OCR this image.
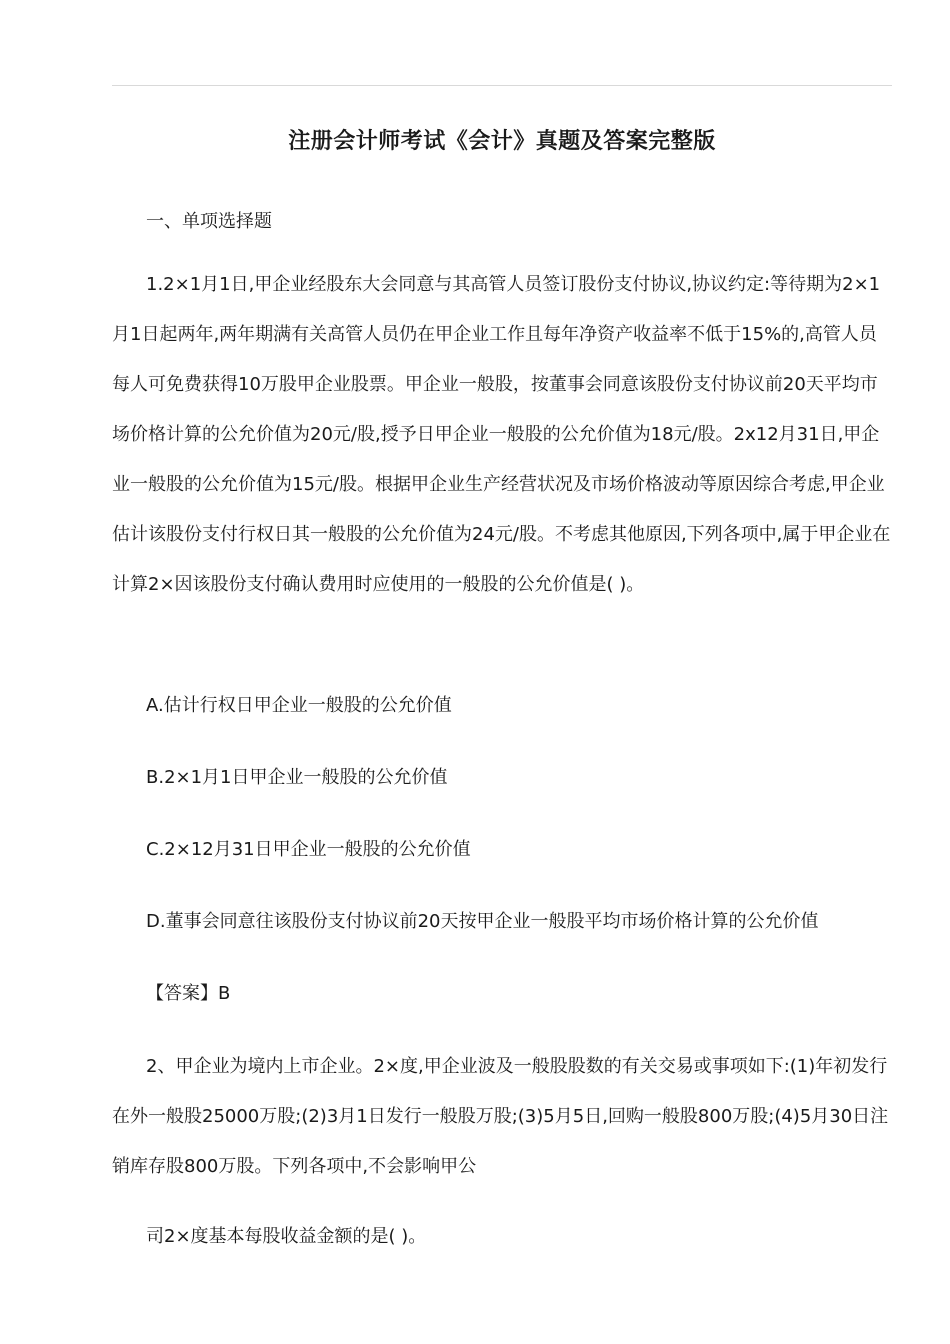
注册会计师考试《会计》真题及答案完整版

一、单项选择题

1.2×1月1日,甲企业经股东大会同意与其高管人员签订股份支付协议,协议约定:等待期为2×1月1日起两年,两年期满有关高管人员仍在甲企业工作且每年净资产收益率不低于15%的,高管人员每人可免费获得10万股甲企业股票。甲企业一般股，按董事会同意该股份支付协议前20天平均市场价格计算的公允价值为20元/股,授予日甲企业一般股的公允价值为18元/股。2x12月31日,甲企业一般股的公允价值为15元/股。根据甲企业生产经营状况及市场价格波动等原因综合考虑,甲企业估计该股份支付行权日其一般股的公允价值为24元/股。不考虑其他原因,下列各项中,属于甲企业在计算2×因该股份支付确认费用时应使用的一般股的公允价值是( )。

A.估计行权日甲企业一般股的公允价值

B.2×1月1日甲企业一般股的公允价值

C.2×12月31日甲企业一般股的公允价值

D.董事会同意往该股份支付协议前20天按甲企业一般股平均市场价格计算的公允价值

【答案】B

2、甲企业为境内上市企业。2×度,甲企业波及一般股股数的有关交易或事项如下:(1)年初发行在外一般股25000万股;(2)3月1日发行一般股万股;(3)5月5日,回购一般股800万股;(4)5月30日注销库存股800万股。下列各项中,不会影响甲公

司2×度基本每股收益金额的是( )。
